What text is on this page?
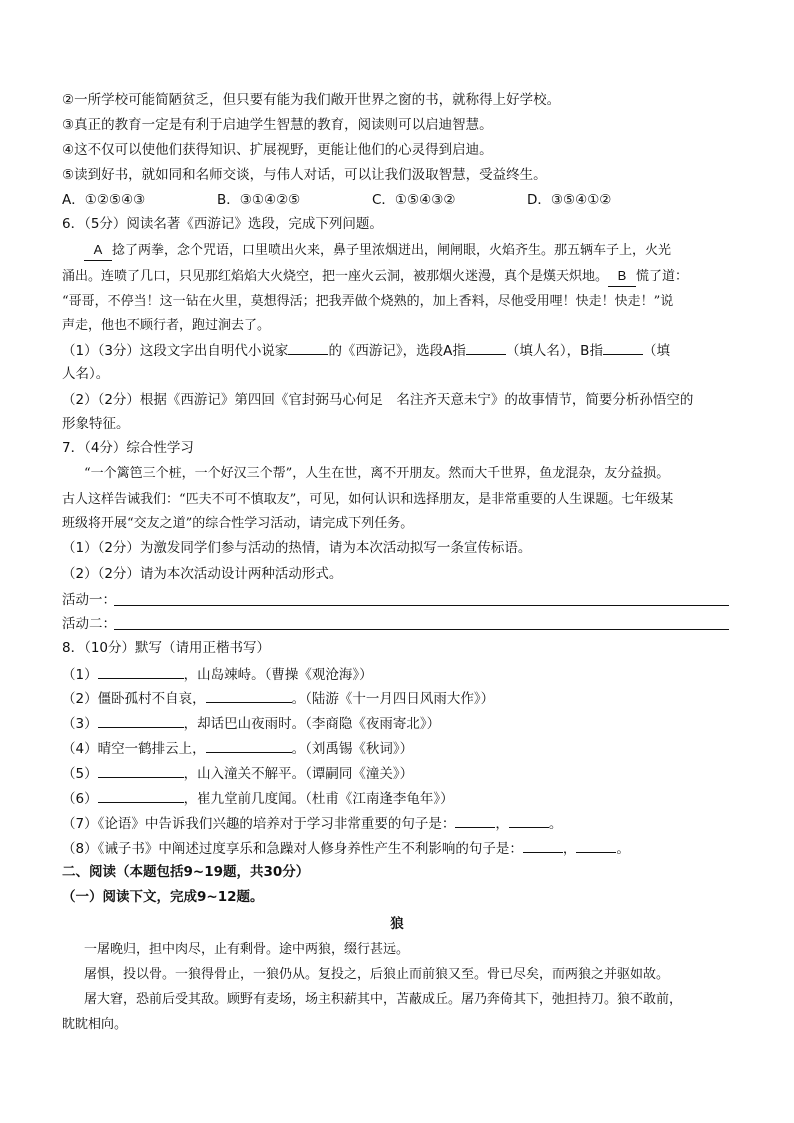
②一所学校可能简陋贫乏，但只要有能为我们敞开世界之窗的书，就称得上好学校。
③真正的教育一定是有利于启迪学生智慧的教育，阅读则可以启迪智慧。
④这不仅可以使他们获得知识、扩展视野，更能让他们的心灵得到启迪。
⑤读到好书，就如同和名师交谈，与伟人对话，可以让我们汲取智慧，受益终生。
A．①②⑤④③	B．③①④②⑤	C．①⑤④③②	D．③⑤④①②
6．（5分）阅读名著《西游记》选段，完成下列问题。
A 捻了两拳，念个咒语，口里喷出火来，鼻子里浓烟迸出，闸闸眼，火焰齐生。那五辆车子上，火光
涌出。连喷了几口，只见那红焰焰大火烧空，把一座火云洞，被那烟火迷漫，真个是熯天炽地。 B 慌了道：
“哥哥，不停当！这一钻在火里，莫想得活；把我弄做个烧熟的，加上香料，尽他受用哩！快走！快走！”说
声走，他也不顾行者，跑过涧去了。
（1）（3分）这段文字出自明代小说家	的《西游记》，选段A指	（填人名），B指	（填
人名）。
（2）（2分）根据《西游记》第四回《官封弼马心何足　名注齐天意未宁》的故事情节，简要分析孙悟空的
形象特征。
7．（4分）综合性学习
“一个篱笆三个桩，一个好汉三个帮”，人生在世，离不开朋友。然而大千世界，鱼龙混杂，友分益损。
古人这样告诫我们：“匹夫不可不慎取友”，可见，如何认识和选择朋友，是非常重要的人生课题。七年级某
班级将开展“交友之道”的综合性学习活动，请完成下列任务。
（1）（2分）为激发同学们参与活动的热情，请为本次活动拟写一条宣传标语。
（2）（2分）请为本次活动设计两种活动形式。
活动一：
活动二：
8．（10分）默写（请用正楷书写）
（1）	，山岛竦峙。（曹操《观沧海》）
（2）僵卧孤村不自哀，	。（陆游《十一月四日风雨大作》）
（3）	，却话巴山夜雨时。（李商隐《夜雨寄北》）
（4）晴空一鹤排云上，	。（刘禹锡《秋词》）
（5）	，山入潼关不解平。（谭嗣同《潼关》）
（6）	，崔九堂前几度闻。（杜甫《江南逢李龟年》）
（7）《论语》中告诉我们兴趣的培养对于学习非常重要的句子是：	，	。
（8）《诫子书》中阐述过度享乐和急躁对人修身养性产生不利影响的句子是：	，	。
二、阅读（本题包括9~19题，共30分）
（一）阅读下文，完成9~12题。
狼
一屠晚归，担中肉尽，止有剩骨。途中两狼，缀行甚远。
屠惧，投以骨。一狼得骨止，一狼仍从。复投之，后狼止而前狼又至。骨已尽矣，而两狼之并驱如故。
屠大窘，恐前后受其敌。顾野有麦场，场主积薪其中，苫蔽成丘。屠乃奔倚其下，弛担持刀。狼不敢前，
眈眈相向。
